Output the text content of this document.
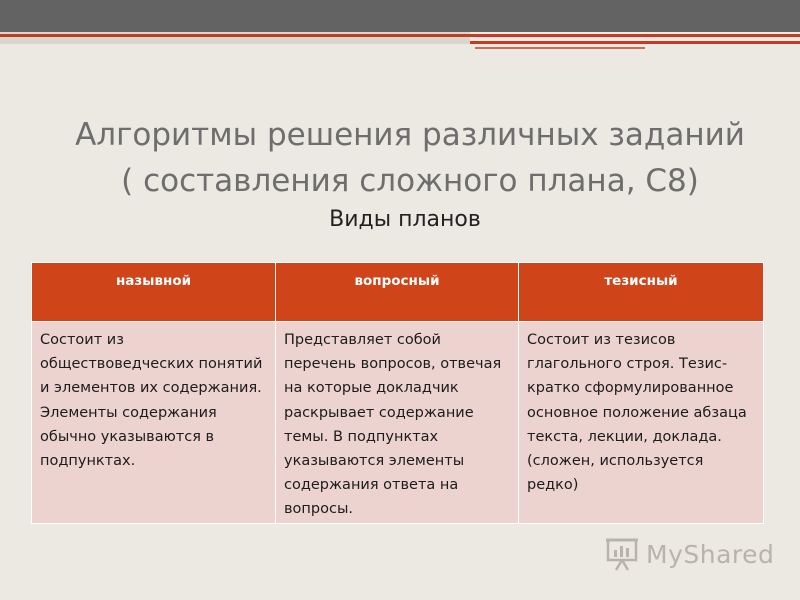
Алгоритмы решения различных заданий
( составления сложного плана, С8)
Виды планов
назывной	вопросный	тезисный
Состоит из обществоведческих понятий и элементов их содержания. Элементы содержания обычно указываются в подпунктах.	Представляет собой перечень вопросов, отвечая на которые докладчик раскрывает содержание темы. В подпунктах указываются элементы содержания ответа на вопросы.	Состоит из тезисов глагольного строя. Тезис- кратко сформулированное основное положение абзаца текста, лекции, доклада. (сложен, используется редко)
MyShared
